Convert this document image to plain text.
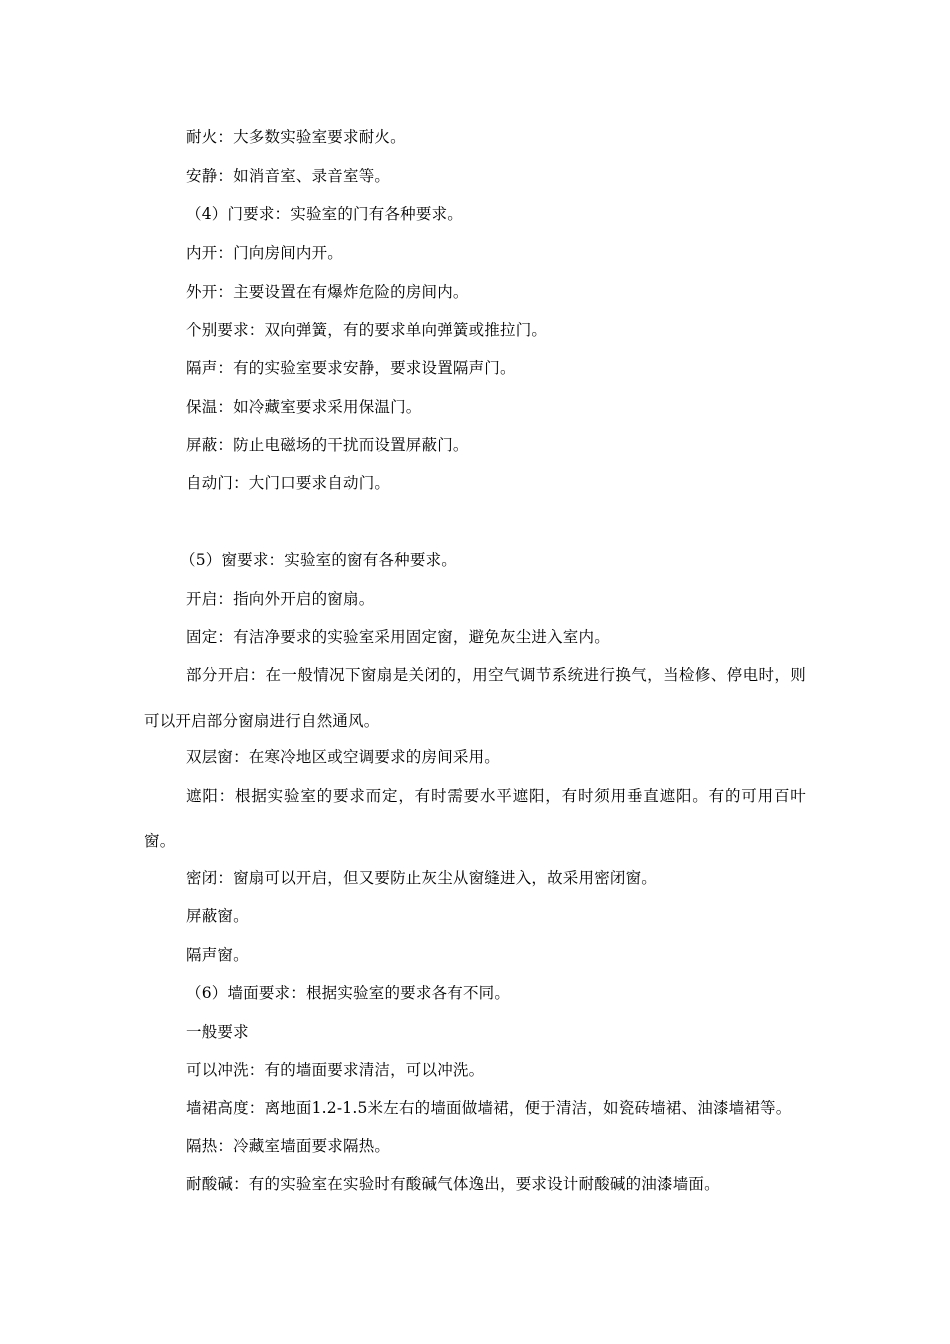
耐火：大多数实验室要求耐火。
安静：如消音室、录音室等。
（4）门要求：实验室的门有各种要求。
内开：门向房间内开。
外开：主要设置在有爆炸危险的房间内。
个别要求：双向弹簧，有的要求单向弹簧或推拉门。
隔声：有的实验室要求安静，要求设置隔声门。
保温：如冷藏室要求采用保温门。
屏蔽：防止电磁场的干扰而设置屏蔽门。
自动门：大门口要求自动门。
（5）窗要求：实验室的窗有各种要求。
开启：指向外开启的窗扇。
固定：有洁净要求的实验室采用固定窗，避免灰尘进入室内。
部分开启：在一般情况下窗扇是关闭的，用空气调节系统进行换气，当检修、停电时，则
可以开启部分窗扇进行自然通风。
双层窗：在寒冷地区或空调要求的房间采用。
遮阳：根据实验室的要求而定，有时需要水平遮阳，有时须用垂直遮阳。有的可用百叶
窗。
密闭：窗扇可以开启，但又要防止灰尘从窗缝进入，故采用密闭窗。
屏蔽窗。
隔声窗。
（6）墙面要求：根据实验室的要求各有不同。
一般要求
可以冲洗：有的墙面要求清洁，可以冲洗。
墙裙高度：离地面1.2-1.5米左右的墙面做墙裙，便于清洁，如瓷砖墙裙、油漆墙裙等。
隔热：冷藏室墙面要求隔热。
耐酸碱：有的实验室在实验时有酸碱气体逸出，要求设计耐酸碱的油漆墙面。
